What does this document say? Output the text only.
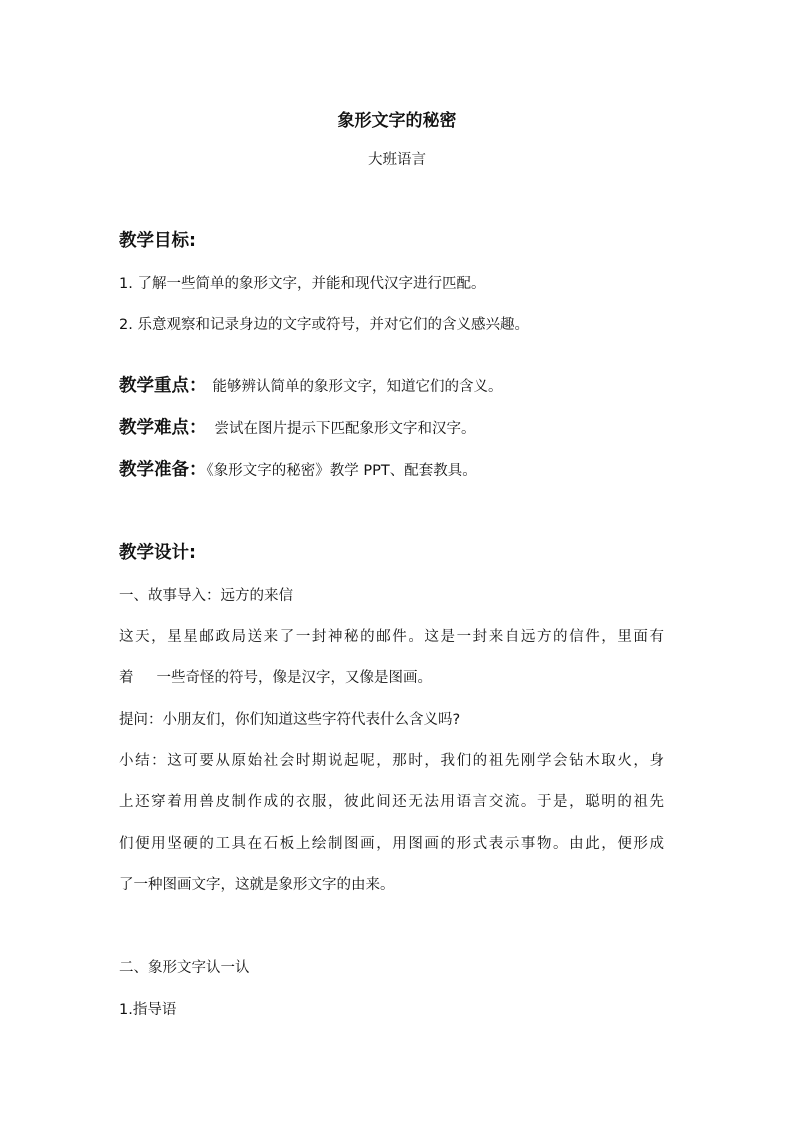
象形文字的秘密
大班语言
教学目标:
1. 了解一些简单的象形文字，并能和现代汉字进行匹配。
2. 乐意观察和记录身边的文字或符号，并对它们的含义感兴趣。
教学重点： 能够辨认简单的象形文字，知道它们的含义。
教学难点： 尝试在图片提示下匹配象形文字和汉字。
教学准备：《象形文字的秘密》教学 PPT、配套教具。
教学设计:
一、故事导入：远方的来信
这天，星星邮政局送来了一封神秘的邮件。这是一封来自远方的信件，里面有
着     一些奇怪的符号，像是汉字，又像是图画。
提问：小朋友们，你们知道这些字符代表什么含义吗?
小结：这可要从原始社会时期说起呢，那时，我们的祖先刚学会钻木取火，身
上还穿着用兽皮制作成的衣服，彼此间还无法用语言交流。于是，聪明的祖先
们便用坚硬的工具在石板上绘制图画，用图画的形式表示事物。由此，便形成
了一种图画文字，这就是象形文字的由来。
二、象形文字认一认
1.指导语
